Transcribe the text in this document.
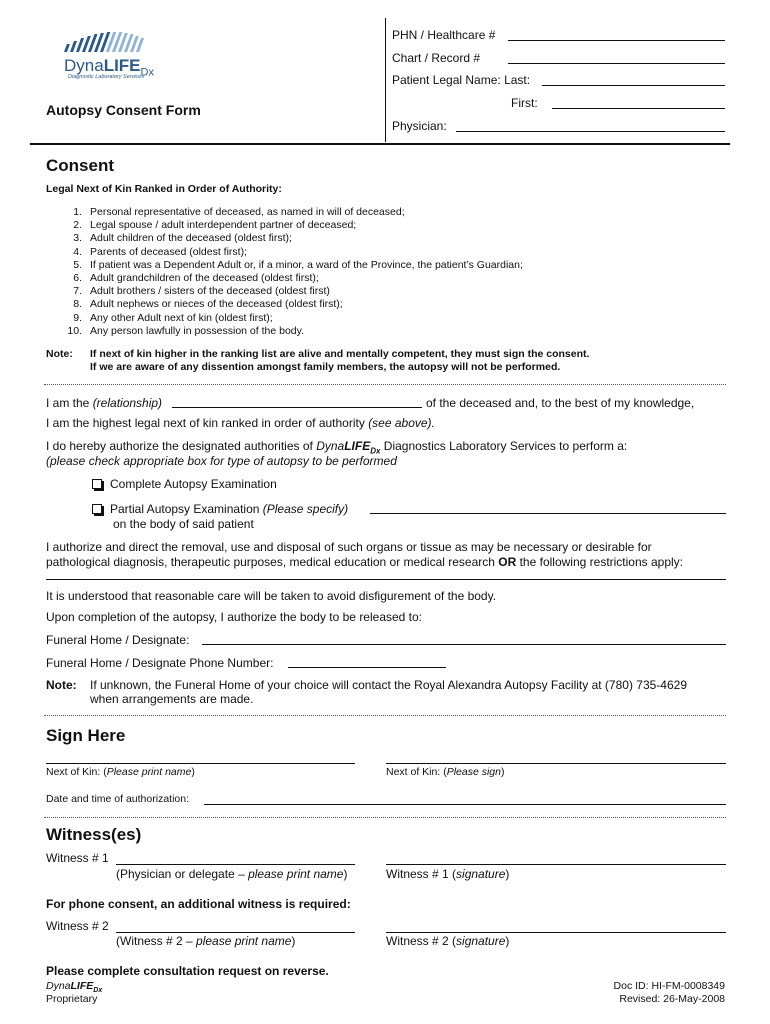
DynaLIFE$_{Dx}$
Diagnostic Laboratory Services
Autopsy Consent Form
PHN / Healthcare #
Chart / Record #
Patient Legal Name: Last:
First:
Physician:
Consent
Legal Next of Kin Ranked in Order of Authority:
1. Personal representative of deceased, as named in will of deceased;
2. Legal spouse / adult interdependent partner of deceased;
3. Adult children of the deceased (oldest first);
4. Parents of deceased (oldest first);
5. If patient was a Dependent Adult or, if a minor, a ward of the Province, the patient’s Guardian;
6. Adult grandchildren of the deceased (oldest first);
7. Adult brothers / sisters of the deceased (oldest first)
8. Adult nephews or nieces of the deceased (oldest first);
9. Any other Adult next of kin (oldest first);
10. Any person lawfully in possession of the body.
Note: If next of kin higher in the ranking list are alive and mentally competent, they must sign the consent.
If we are aware of any dissention amongst family members, the autopsy will not be performed.
I am the (relationship)	of the deceased and, to the best of my knowledge,
I am the highest legal next of kin ranked in order of authority (see above).
I do hereby authorize the designated authorities of DynaLIFE$_{Dx}$ Diagnostics Laboratory Services to perform a:
(please check appropriate box for type of autopsy to be performed
Complete Autopsy Examination
Partial Autopsy Examination (Please specify)
on the body of said patient
I authorize and direct the removal, use and disposal of such organs or tissue as may be necessary or desirable for
pathological diagnosis, therapeutic purposes, medical education or medical research OR the following restrictions apply:
It is understood that reasonable care will be taken to avoid disfigurement of the body.
Upon completion of the autopsy, I authorize the body to be released to:
Funeral Home / Designate:
Funeral Home / Designate Phone Number:
Note: If unknown, the Funeral Home of your choice will contact the Royal Alexandra Autopsy Facility at (780) 735-4629
when arrangements are made.
Sign Here
Next of Kin: (Please print name)	Next of Kin: (Please sign)
Date and time of authorization:
Witness(es)
Witness # 1
(Physician or delegate – please print name)	Witness # 1 (signature)
For phone consent, an additional witness is required:
Witness # 2
(Witness # 2 – please print name)	Witness # 2 (signature)
Please complete consultation request on reverse.
DynaLIFE$_{Dx}$
Proprietary
Doc ID: HI-FM-0008349
Revised: 26-May-2008
